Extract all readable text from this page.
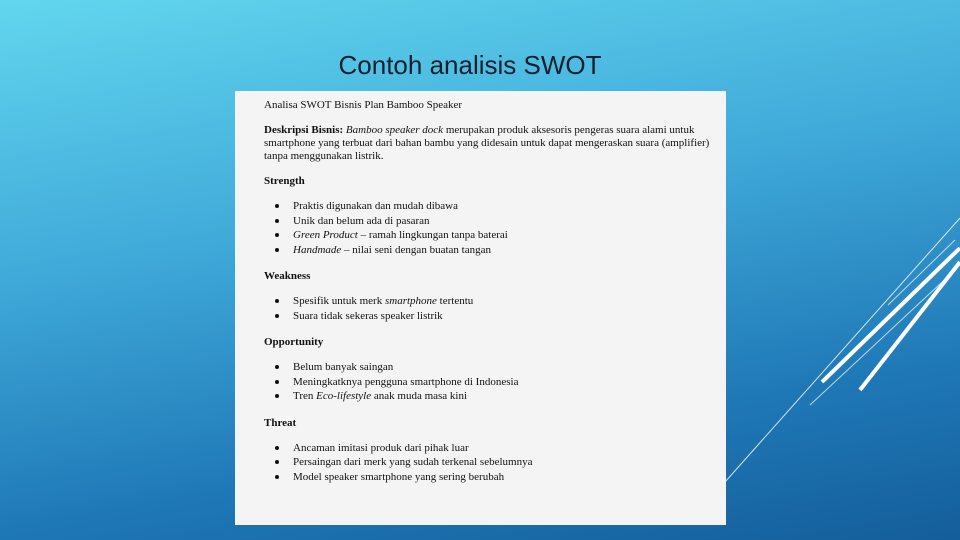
Contoh analisis SWOT
Analisa SWOT Bisnis Plan Bamboo Speaker
Deskripsi Bisnis: Bamboo speaker dock merupakan produk aksesoris pengeras suara alami untuk smartphone yang terbuat dari bahan bambu yang didesain untuk dapat mengeraskan suara (amplifier) tanpa menggunakan listrik.
Strength
Praktis digunakan dan mudah dibawa
Unik dan belum ada di pasaran
Green Product – ramah lingkungan tanpa baterai
Handmade – nilai seni dengan buatan tangan
Weakness
Spesifik untuk merk smartphone tertentu
Suara tidak sekeras speaker listrik
Opportunity
Belum banyak saingan
Meningkatknya pengguna smartphone di Indonesia
Tren Eco-lifestyle anak muda masa kini
Threat
Ancaman imitasi produk dari pihak luar
Persaingan dari merk yang sudah terkenal sebelumnya
Model speaker smartphone yang sering berubah
